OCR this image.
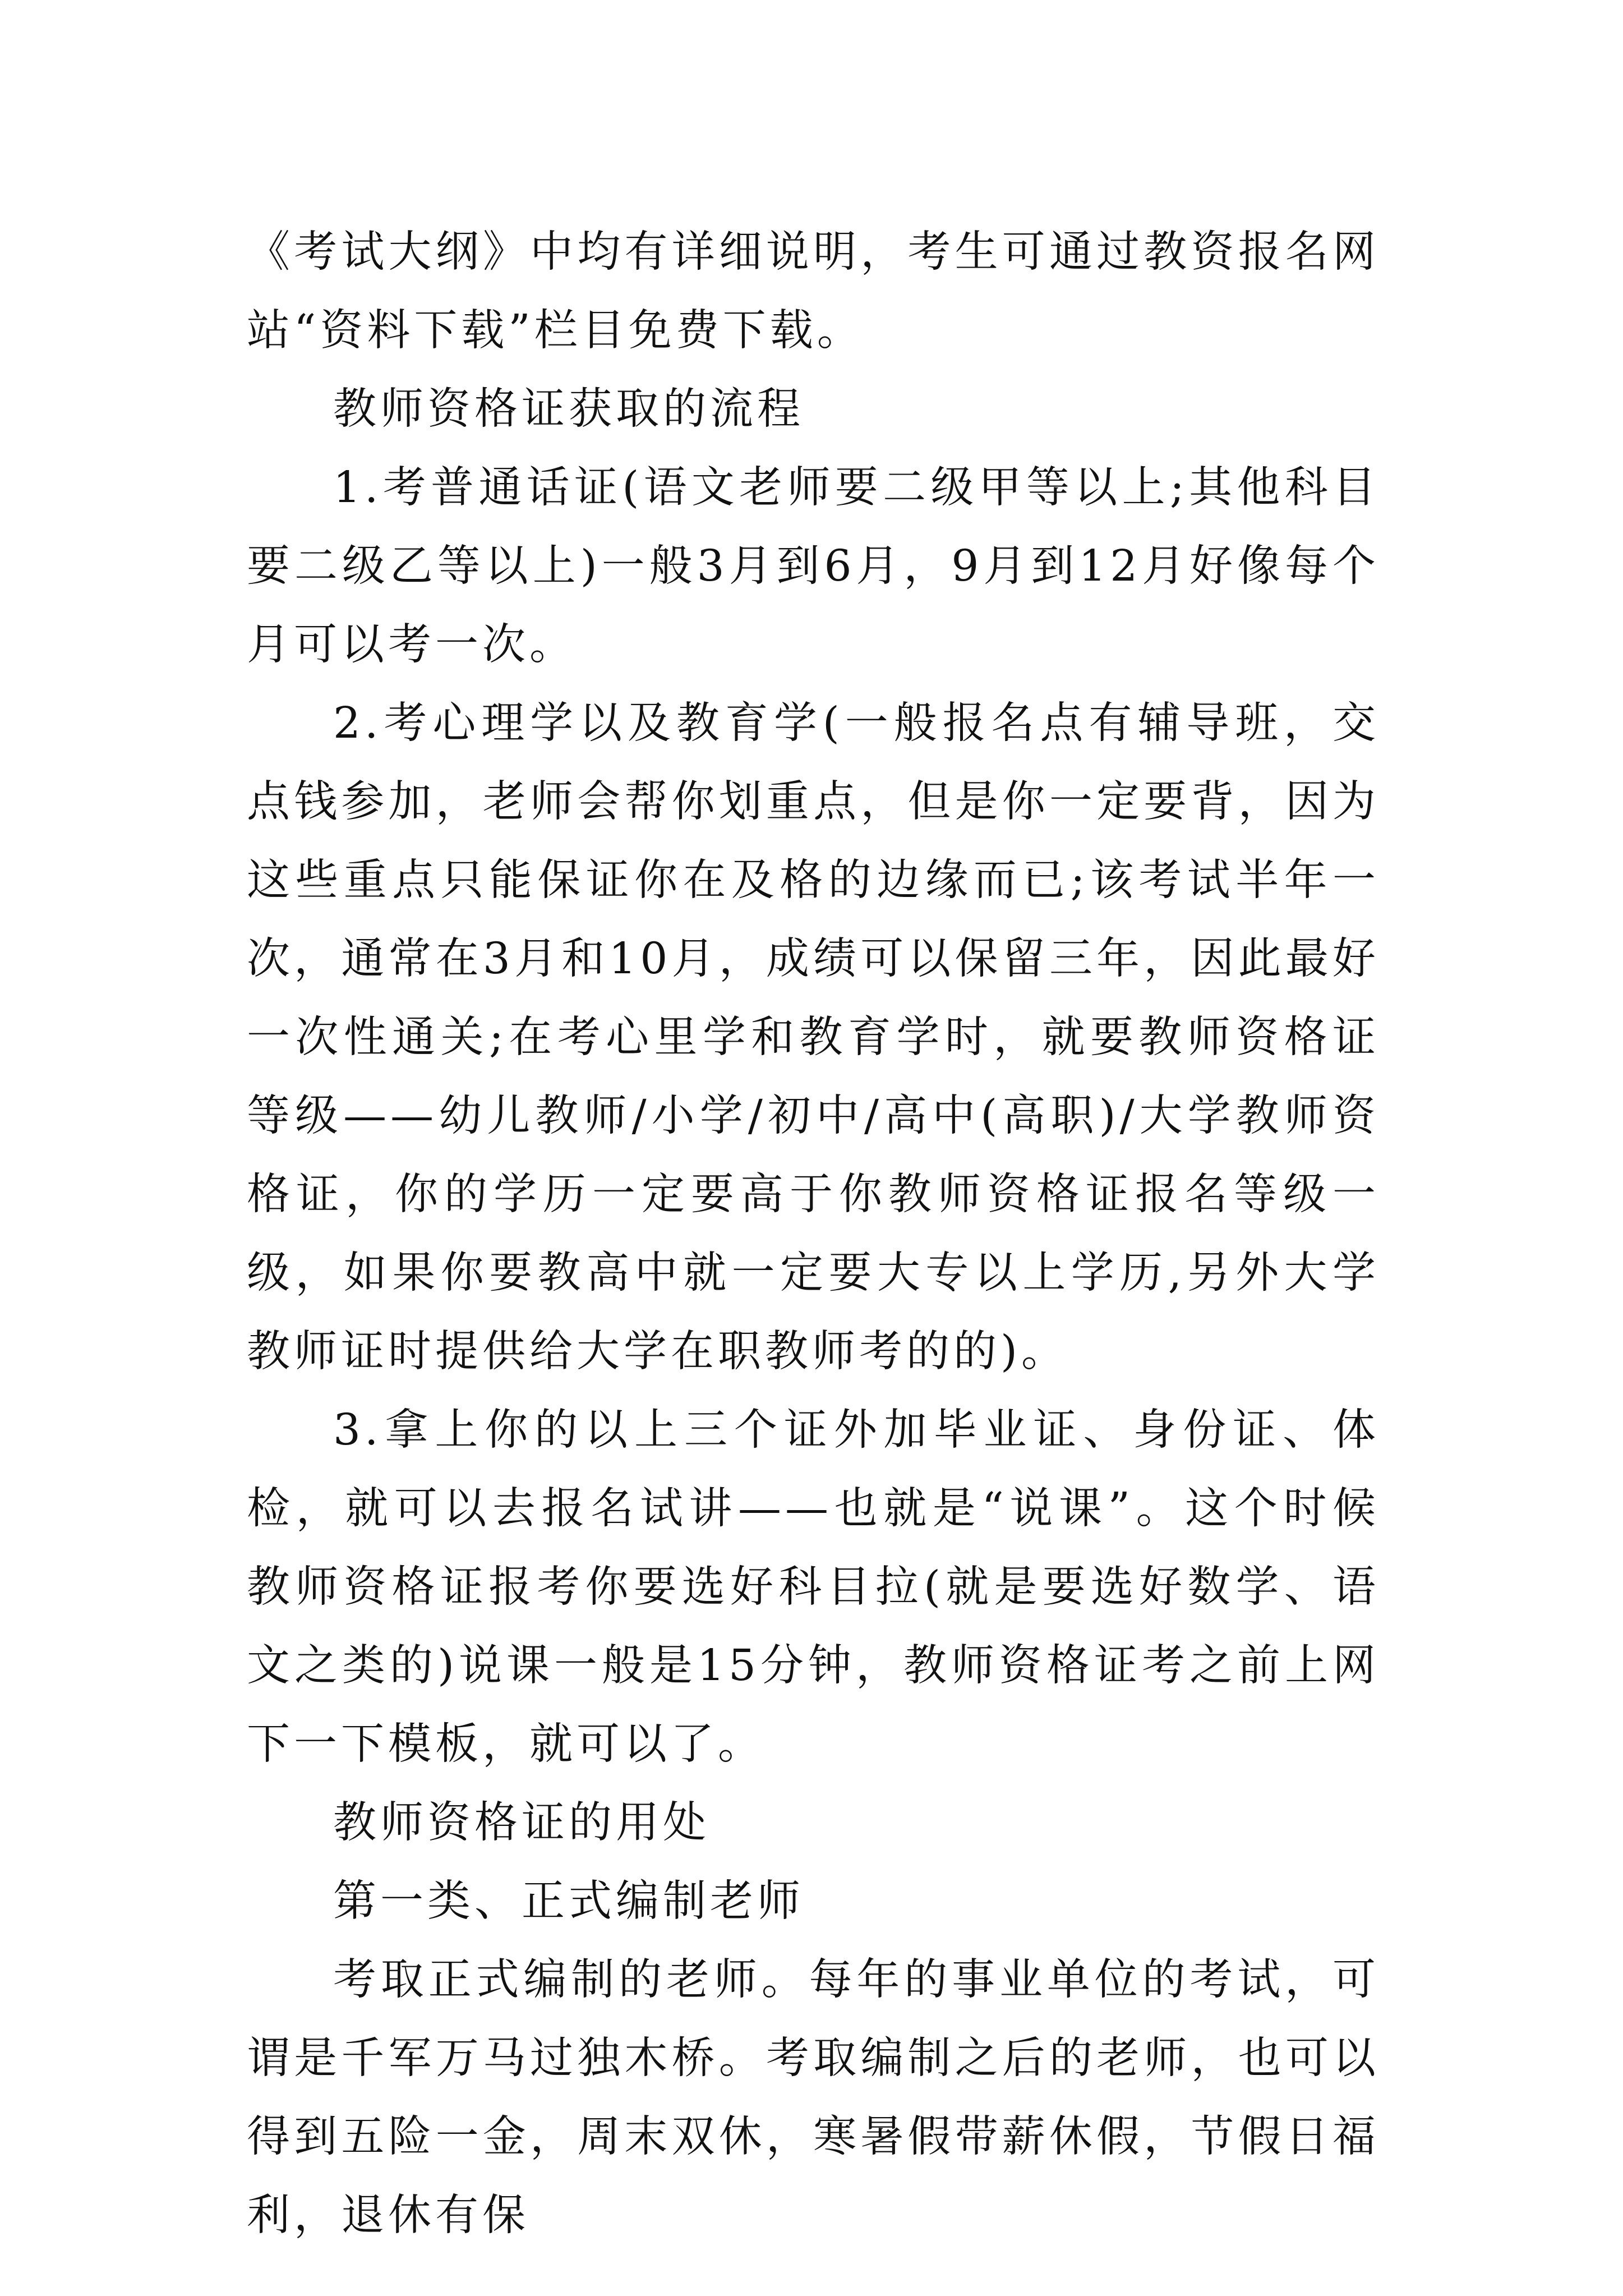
《考试大纲》中均有详细说明，考生可通过教资报名网站“资料下载”栏目免费下载。

教师资格证获取的流程

1.考普通话证(语文老师要二级甲等以上;其他科目要二级乙等以上)一般3月到6月，9月到12月好像每个月可以考一次。

2.考心理学以及教育学(一般报名点有辅导班，交点钱参加，老师会帮你划重点，但是你一定要背，因为这些重点只能保证你在及格的边缘而已;该考试半年一次，通常在3月和10月，成绩可以保留三年，因此最好一次性通关;在考心里学和教育学时，就要教师资格证等级——幼儿教师/小学/初中/高中(高职)/大学教师资格证，你的学历一定要高于你教师资格证报名等级一级，如果你要教高中就一定要大专以上学历,另外大学教师证时提供给大学在职教师考的的)。

3.拿上你的以上三个证外加毕业证、身份证、体检，就可以去报名试讲——也就是“说课”。这个时候教师资格证报考你要选好科目拉(就是要选好数学、语文之类的)说课一般是15分钟，教师资格证考之前上网下一下模板，就可以了。

教师资格证的用处

第一类、正式编制老师

考取正式编制的老师。每年的事业单位的考试，可谓是千军万马过独木桥。考取编制之后的老师，也可以得到五险一金，周末双休，寒暑假带薪休假，节假日福利，退休有保
